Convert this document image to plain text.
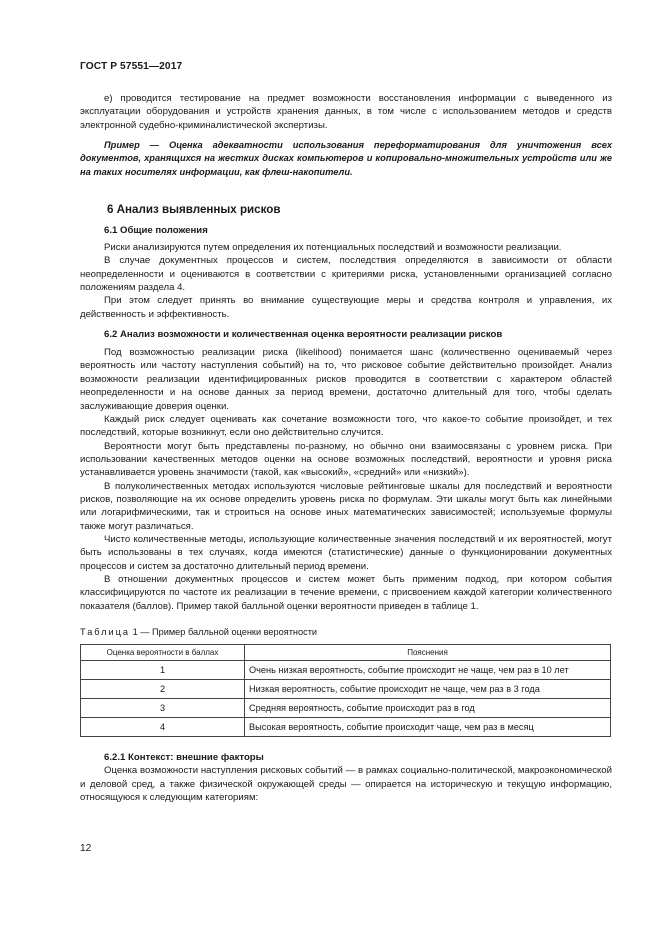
ГОСТ Р 57551—2017

е) проводится тестирование на предмет возможности восстановления информации с выведенного из эксплуатации оборудования и устройств хранения данных, в том числе с использованием методов и средств электронной судебно-криминалистической экспертизы.

Пример — Оценка адекватности использования переформатирования для уничтожения всех документов, хранящихся на жестких дисках компьютеров и копировально-множительных устройств или же на таких носителях информации, как флеш-накопители.

6 Анализ выявленных рисков
6.1 Общие положения

Риски анализируются путем определения их потенциальных последствий и возможности реализации.

В случае документных процессов и систем, последствия определяются в зависимости от области неопределенности и оцениваются в соответствии с критериями риска, установленными организацией согласно положениям раздела 4.

При этом следует принять во внимание существующие меры и средства контроля и управления, их действенность и эффективность.

6.2 Анализ возможности и количественная оценка вероятности реализации рисков

Под возможностью реализации риска (likelihood) понимается шанс (количественно оцениваемый через вероятность или частоту наступления событий) на то, что рисковое событие действительно произойдет. Анализ возможности реализации идентифицированных рисков проводится в соответствии с характером областей неопределенности и на основе данных за период времени, достаточно длительный для того, чтобы сделать заслуживающие доверия оценки.

Каждый риск следует оценивать как сочетание возможности того, что какое-то событие произойдет, и тех последствий, которые возникнут, если оно действительно случится.

Вероятности могут быть представлены по-разному, но обычно они взаимосвязаны с уровнем риска. При использовании качественных методов оценки на основе возможных последствий, вероятности и уровня риска устанавливается уровень значимости (такой, как «высокий», «средний» или «низкий»).

В полуколичественных методах используются числовые рейтинговые шкалы для последствий и вероятности рисков, позволяющие на их основе определить уровень риска по формулам. Эти шкалы могут быть как линейными или логарифмическими, так и строиться на основе иных математических зависимостей; используемые формулы также могут различаться.

Чисто количественные методы, использующие количественные значения последствий и их вероятностей, могут быть использованы в тех случаях, когда имеются (статистические) данные о функционировании документных процессов и систем за достаточно длительный период времени.

В отношении документных процессов и систем может быть применим подход, при котором события классифицируются по частоте их реализации в течение времени, с присвоением каждой категории количественного показателя (баллов). Пример такой балльной оценки вероятности приведен в таблице 1.

Таблица 1 — Пример балльной оценки вероятности
Оценка вероятности в баллах	Пояснения
1	Очень низкая вероятность, событие происходит не чаще, чем раз в 10 лет
2	Низкая вероятность, событие происходит не чаще, чем раз в 3 года
3	Средняя вероятность, событие происходит раз в год
4	Высокая вероятность, событие происходит чаще, чем раз в месяц
6.2.1 Контекст: внешние факторы

Оценка возможности наступления рисковых событий — в рамках социально-политической, макроэкономической и деловой сред, а также физической окружающей среды — опирается на историческую и текущую информацию, относящуюся к следующим категориям:

12
